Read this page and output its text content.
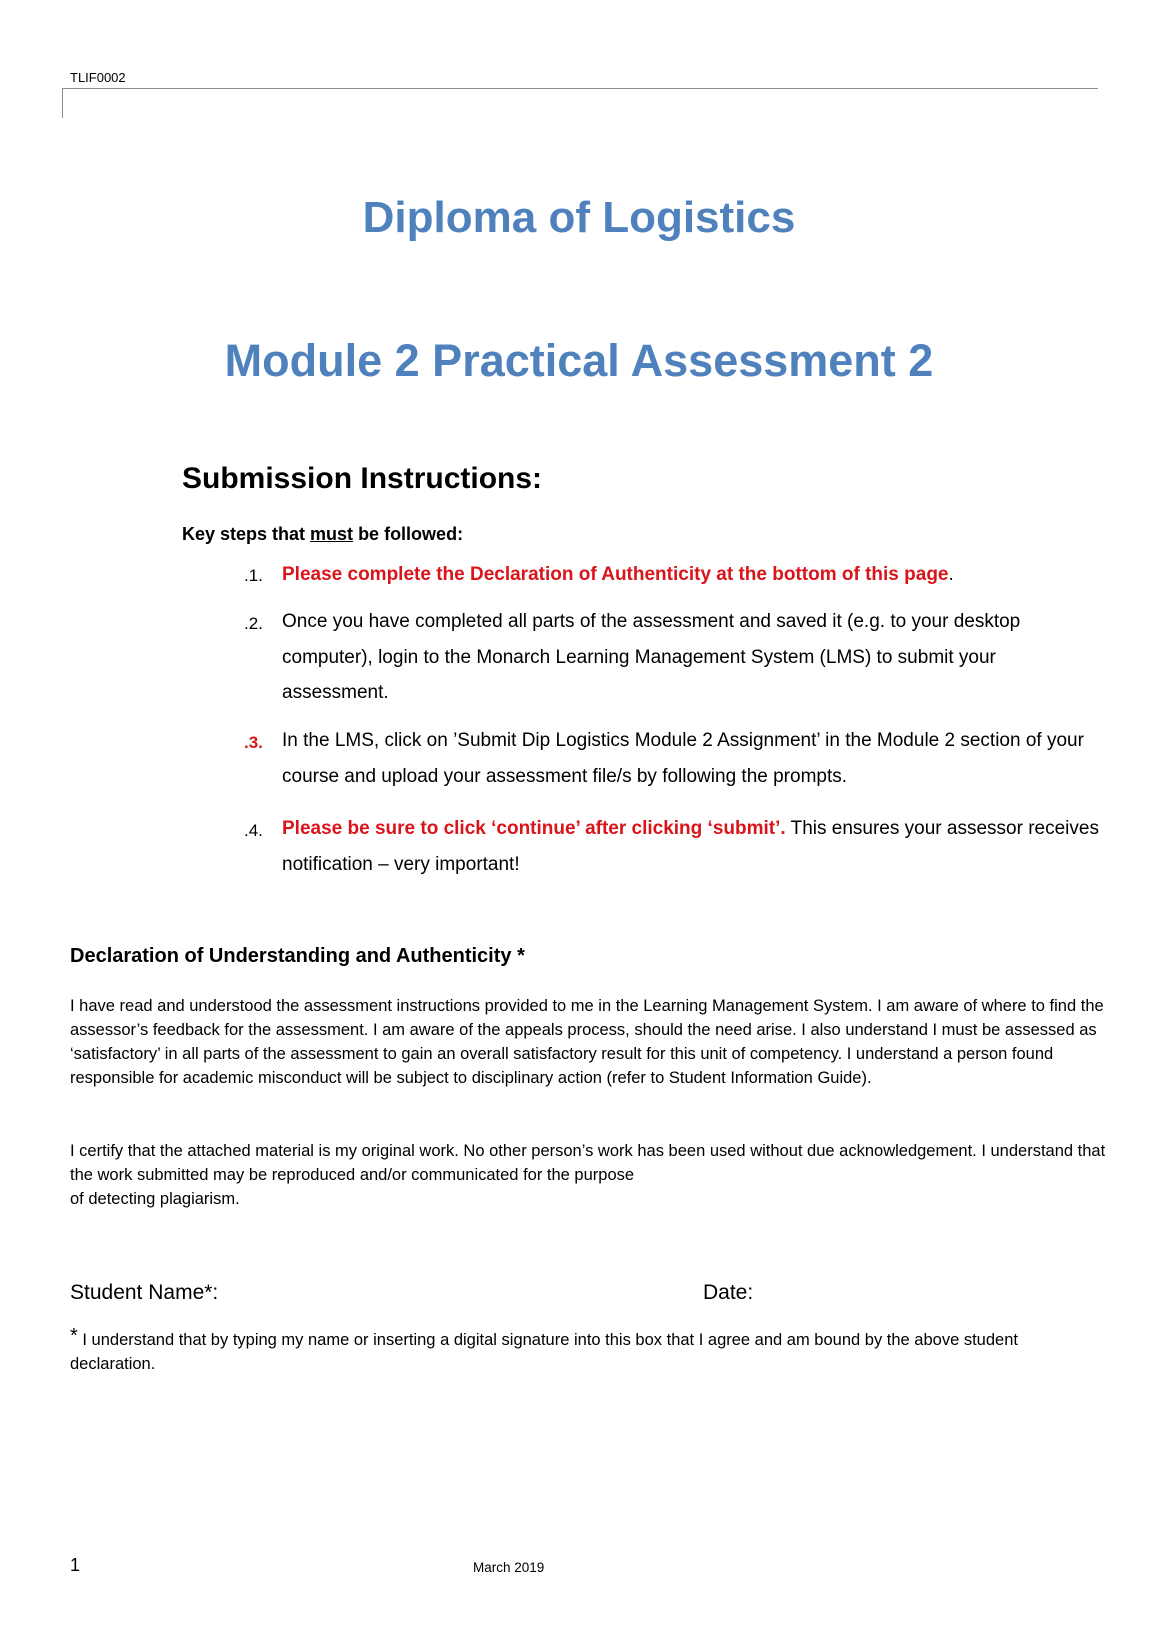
TLIF0002
Diploma of Logistics
Module 2 Practical Assessment 2
Submission Instructions:

Key steps that must be followed:

.1. Please complete the Declaration of Authenticity at the bottom of this page.

.2. Once you have completed all parts of the assessment and saved it (e.g. to your desktop computer), login to the Monarch Learning Management System (LMS) to submit your assessment.

.3. In the LMS, click on ’Submit Dip Logistics Module 2 Assignment’ in the Module 2 section of your course and upload your assessment file/s by following the prompts.

.4. Please be sure to click ‘continue’ after clicking ‘submit’. This ensures your assessor receives notification – very important!

Declaration of Understanding and Authenticity *

I have read and understood the assessment instructions provided to me in the Learning Management System. I am aware of where to find the assessor’s feedback for the assessment. I am aware of the appeals process, should the need arise. I also understand I must be assessed as ‘satisfactory’ in all parts of the assessment to gain an overall satisfactory result for this unit of competency. I understand a person found responsible for academic misconduct will be subject to disciplinary action (refer to Student Information Guide).

I certify that the attached material is my original work. No other person’s work has been used without due acknowledgement. I understand that the work submitted may be reproduced and/or communicated for the purpose
of detecting plagiarism.

Student Name*:	Date:

* I understand that by typing my name or inserting a digital signature into this box that I agree and am bound by the above student declaration.

1	March 2019
